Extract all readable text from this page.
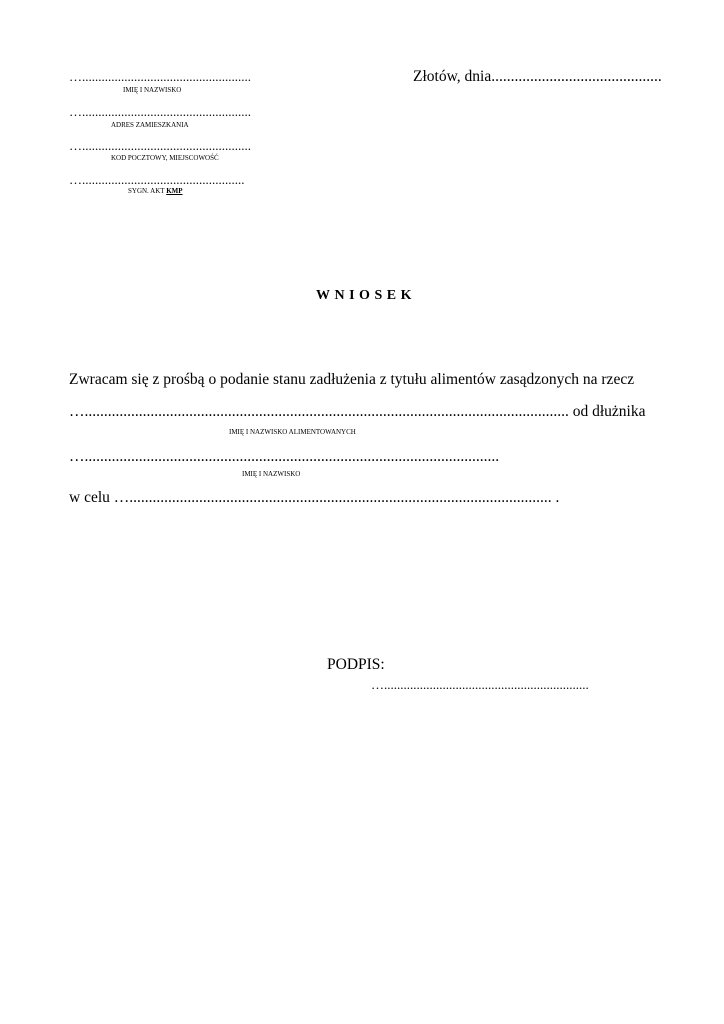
…....................................................
IMIĘ I NAZWISKO
…....................................................
ADRES ZAMIESZKANIA
…....................................................
KOD POCZTOWY, MIEJSCOWOŚĆ
…..................................................
SYGN. AKT KMP
Złotów, dnia............................................
WNIOSEK
Zwracam się z prośbą o podanie stanu zadłużenia z tytułu alimentów zasądzonych na rzecz
…............................................................................................................................. od dłużnika
IMIĘ I NAZWISKO ALIMENTOWANYCH
…...........................................................................................................
IMIĘ I NAZWISKO
w celu …............................................................................................................. .
PODPIS:
…...............................................................
